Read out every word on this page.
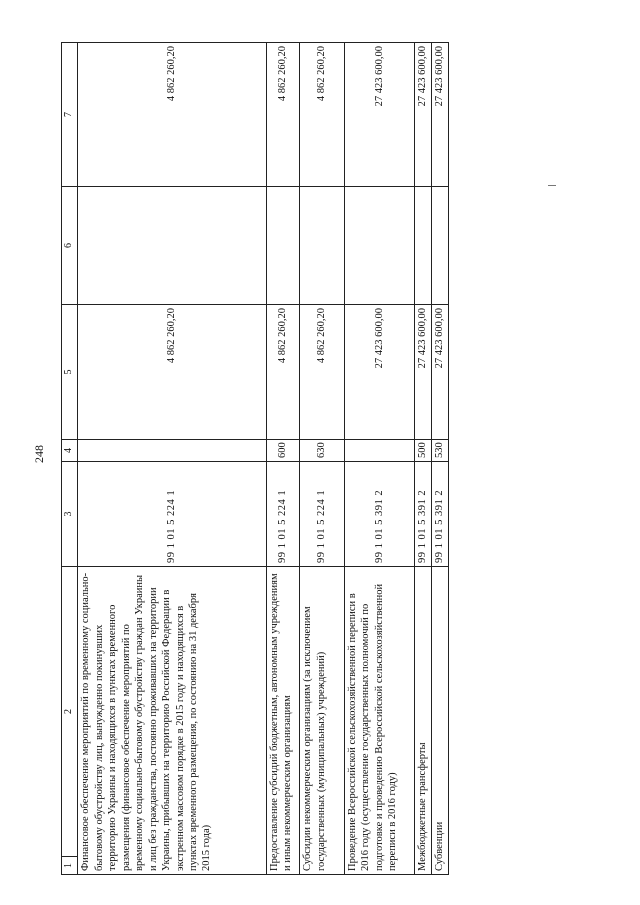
248
1	2	3	4	5	6	7
Финансовое обеспечение мероприятий по временному социально-бытовому обустройству лиц, вынужденно покинувших территорию Украины и находящихся в пунктах временного размещения (финансовое обеспечение мероприятий по временному социально-бытовому обустройству граждан Украины и лиц без гражданства, постоянно проживавших на территории Украины, прибывших на территорию Российской Федерации в экстренном массовом порядке в 2015 году и находящихся в пунктах временного размещения, по состоянию на 31 декабря 2015 года)		99 1 01 5 224 1		4 862 260,20		4 862 260,20
Предоставление субсидий бюджетным, автономным учреждениям и иным некоммерческим организациям		99 1 01 5 224 1	600	4 862 260,20		4 862 260,20
Субсидии некоммерческим организациям (за исключением государственных (муниципальных) учреждений)		99 1 01 5 224 1	630	4 862 260,20		4 862 260,20
Проведение Всероссийской сельскохозяйственной переписи в 2016 году (осуществление государственных полномочий по подготовке и проведению Всероссийской сельскохозяйственной переписи в 2016 году)		99 1 01 5 391 2		27 423 600,00		27 423 600,00
Межбюджетные трансферты		99 1 01 5 391 2	500	27 423 600,00		27 423 600,00
Субвенции		99 1 01 5 391 2	530	27 423 600,00		27 423 600,00
